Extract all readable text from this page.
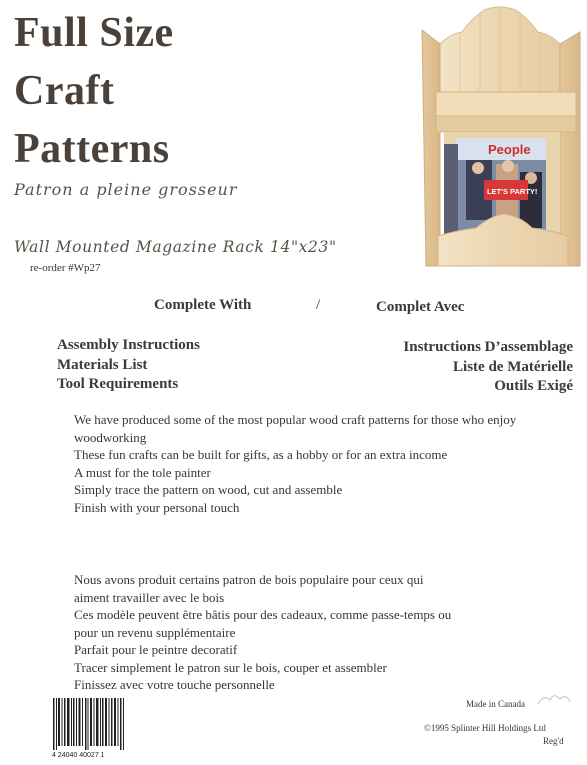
Full Size
Craft
Patterns
Patron a pleine grosseur
Wall Mounted Magazine Rack 14"x23"
re-order #Wp27
People
LET'S PARTY!
Complete With	/	Complet Avec
Assembly Instructions
Materials List
Tool Requirements
Instructions D’assemblage
Liste de Matérielle
Outils Exigé
We have produced some of the most popular wood craft patterns for those who enjoy
woodworking
These fun crafts can be built for gifts, as a hobby or for an extra income
A must for the tole painter
Simply trace the pattern on wood, cut and assemble
Finish with your personal touch
Nous avons produit certains patron de bois populaire pour ceux qui
aiment travailler avec le bois
Ces modèle peuvent être bâtis pour des cadeaux, comme passe-temps ou
pour un revenu supplémentaire
Parfait pour le peintre decoratif
Tracer simplement le patron sur le bois, couper et assembler
Finissez avec votre touche personnelle
Made in Canada
©1995 Splinter Hill Holdings Ltd
Reg'd
4 24040 40027 1
